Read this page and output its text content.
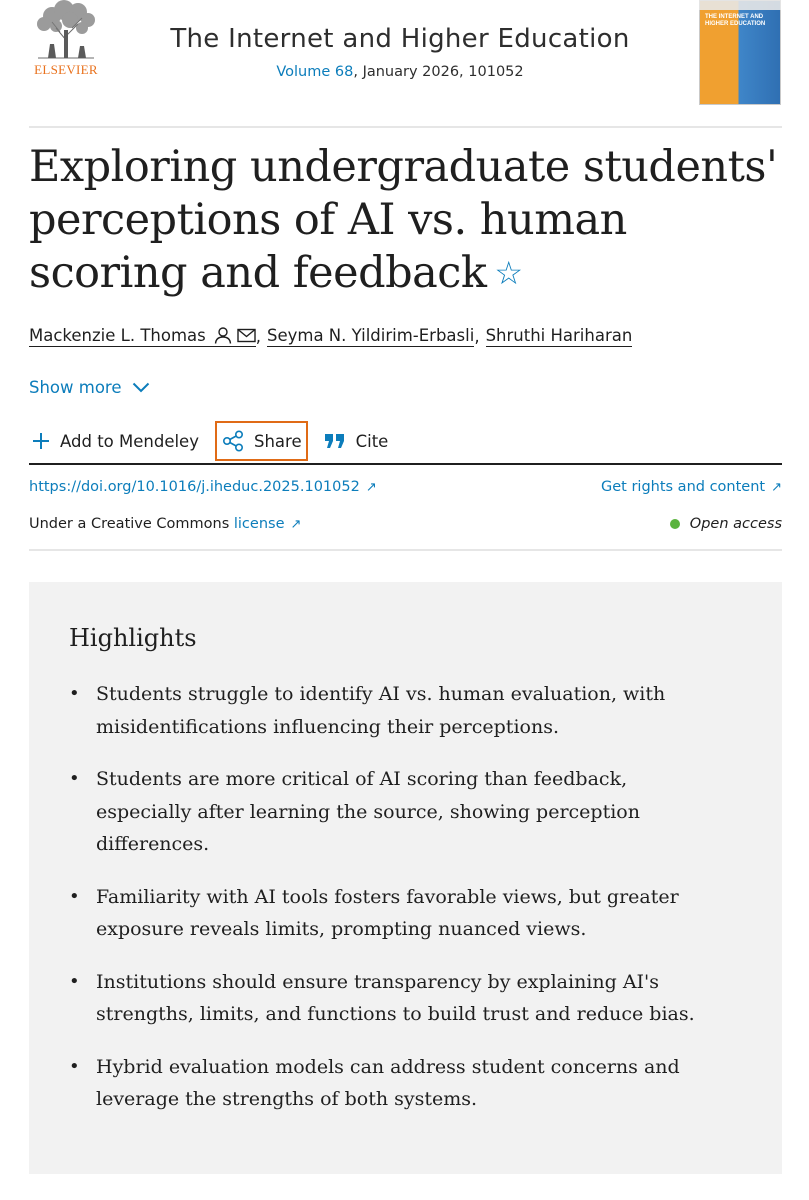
ELSEVIER
The Internet and Higher Education
Volume 68, January 2026, 101052
THE INTERNET AND HIGHER EDUCATION
Exploring undergraduate students' perceptions of AI vs. human scoring and feedback ☆
Mackenzie L. Thomas	, Seyma N. Yildirim-Erbasli , Shruthi Hariharan
Show more
Add to Mendeley	Share	Cite
https://doi.org/10.1016/j.iheduc.2025.101052 ↗	Get rights and content ↗
Under a Creative Commons license ↗	Open access
Highlights
• Students struggle to identify AI vs. human evaluation, with misidentifications influencing their perceptions.
• Students are more critical of AI scoring than feedback, especially after learning the source, showing perception differences.
• Familiarity with AI tools fosters favorable views, but greater exposure reveals limits, prompting nuanced views.
• Institutions should ensure transparency by explaining AI's strengths, limits, and functions to build trust and reduce bias.
• Hybrid evaluation models can address student concerns and leverage the strengths of both systems.
